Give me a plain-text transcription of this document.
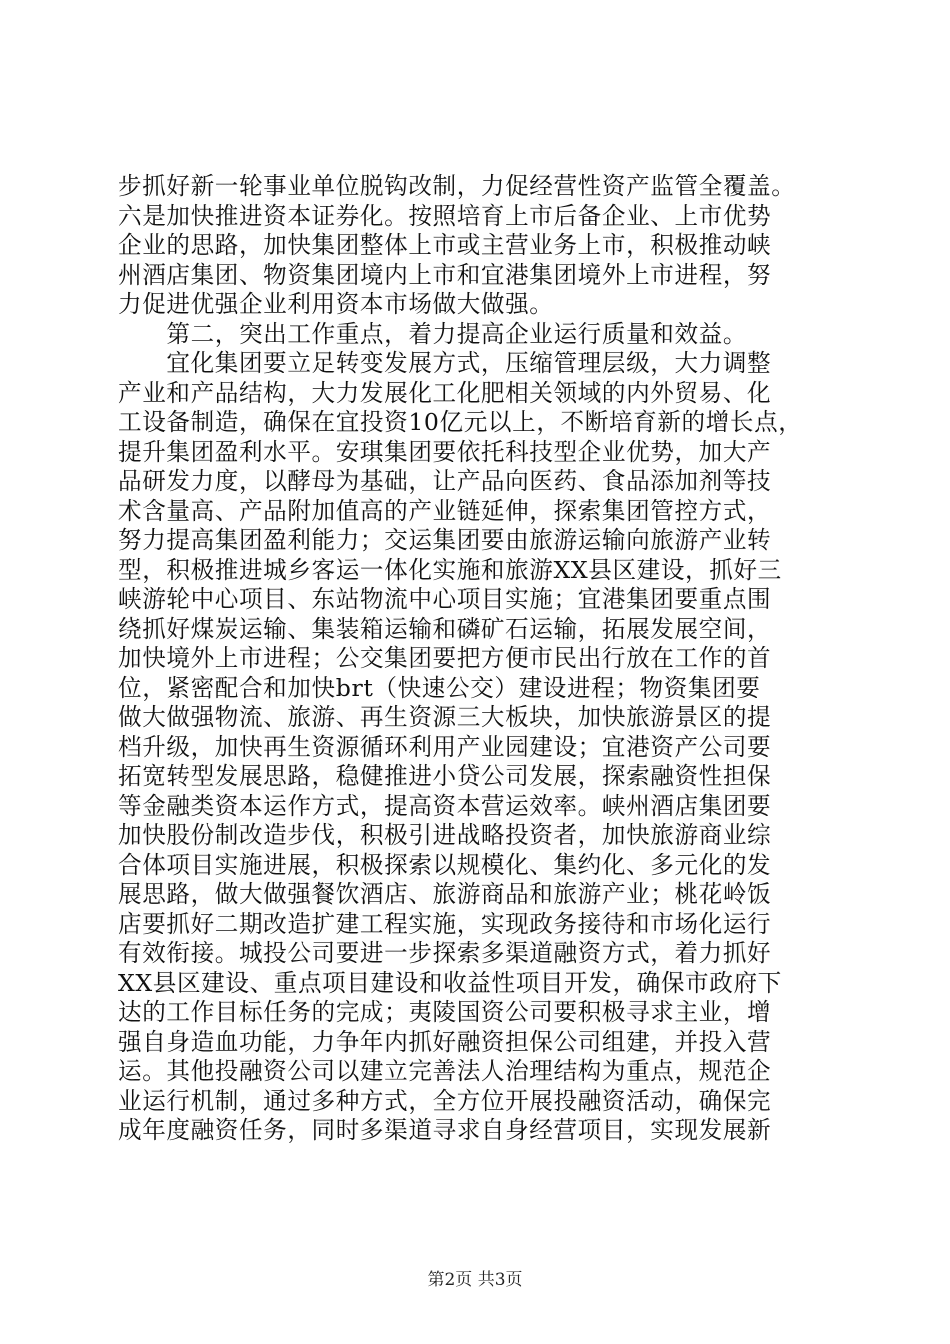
步抓好新一轮事业单位脱钩改制，力促经营性资产监管全覆盖。
六是加快推进资本证券化。按照培育上市后备企业、上市优势
企业的思路，加快集团整体上市或主营业务上市，积极推动峡
州酒店集团、物资集团境内上市和宜港集团境外上市进程，努
力促进优强企业利用资本市场做大做强。
　　第二，突出工作重点，着力提高企业运行质量和效益。
　　宜化集团要立足转变发展方式，压缩管理层级，大力调整
产业和产品结构，大力发展化工化肥相关领域的内外贸易、化
工设备制造，确保在宜投资10亿元以上，不断培育新的增长点，
提升集团盈利水平。安琪集团要依托科技型企业优势，加大产
品研发力度，以酵母为基础，让产品向医药、食品添加剂等技
术含量高、产品附加值高的产业链延伸，探索集团管控方式，
努力提高集团盈利能力；交运集团要由旅游运输向旅游产业转
型，积极推进城乡客运一体化实施和旅游XX县区建设，抓好三
峡游轮中心项目、东站物流中心项目实施；宜港集团要重点围
绕抓好煤炭运输、集装箱运输和磷矿石运输，拓展发展空间，
加快境外上市进程；公交集团要把方便市民出行放在工作的首
位，紧密配合和加快brt（快速公交）建设进程；物资集团要
做大做强物流、旅游、再生资源三大板块，加快旅游景区的提
档升级，加快再生资源循环利用产业园建设；宜港资产公司要
拓宽转型发展思路，稳健推进小贷公司发展，探索融资性担保
等金融类资本运作方式，提高资本营运效率。峡州酒店集团要
加快股份制改造步伐，积极引进战略投资者，加快旅游商业综
合体项目实施进展，积极探索以规模化、集约化、多元化的发
展思路，做大做强餐饮酒店、旅游商品和旅游产业；桃花岭饭
店要抓好二期改造扩建工程实施，实现政务接待和市场化运行
有效衔接。城投公司要进一步探索多渠道融资方式，着力抓好
XX县区建设、重点项目建设和收益性项目开发，确保市政府下
达的工作目标任务的完成；夷陵国资公司要积极寻求主业，增
强自身造血功能，力争年内抓好融资担保公司组建，并投入营
运。其他投融资公司以建立完善法人治理结构为重点，规范企
业运行机制，通过多种方式，全方位开展投融资活动，确保完
成年度融资任务，同时多渠道寻求自身经营项目，实现发展新
第2页 共3页
